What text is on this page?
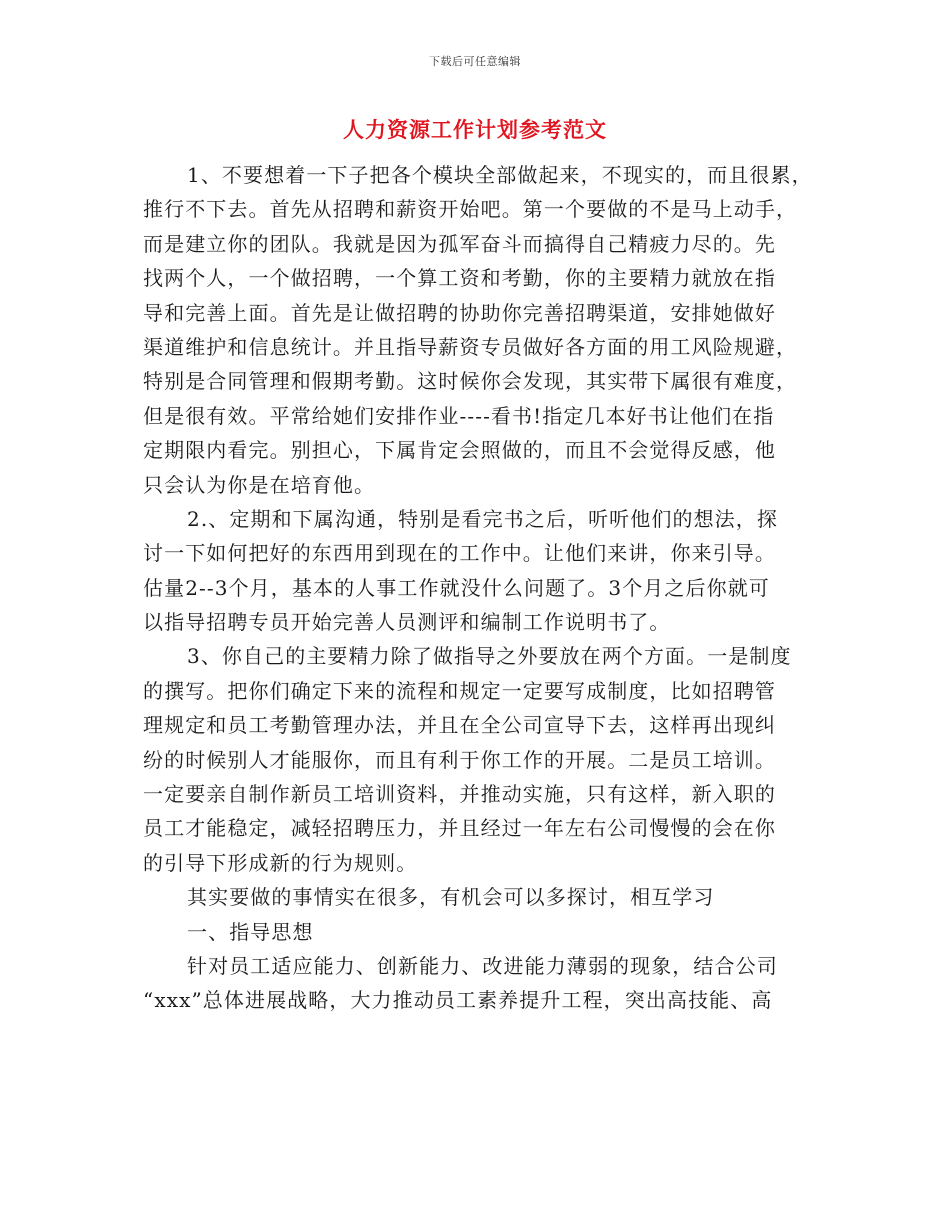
下载后可任意编辑
人力资源工作计划参考范文
1、不要想着一下子把各个模块全部做起来，不现实的，而且很累，
推行不下去。首先从招聘和薪资开始吧。第一个要做的不是马上动手，
而是建立你的团队。我就是因为孤军奋斗而搞得自己精疲力尽的。先
找两个人，一个做招聘，一个算工资和考勤，你的主要精力就放在指
导和完善上面。首先是让做招聘的协助你完善招聘渠道，安排她做好
渠道维护和信息统计。并且指导薪资专员做好各方面的用工风险规避，
特别是合同管理和假期考勤。这时候你会发现，其实带下属很有难度，
但是很有效。平常给她们安排作业----看书!指定几本好书让他们在指
定期限内看完。别担心，下属肯定会照做的，而且不会觉得反感，他
只会认为你是在培育他。
2.、定期和下属沟通，特别是看完书之后，听听他们的想法，探
讨一下如何把好的东西用到现在的工作中。让他们来讲，你来引导。
估量2--3个月，基本的人事工作就没什么问题了。3个月之后你就可
以指导招聘专员开始完善人员测评和编制工作说明书了。
3、你自己的主要精力除了做指导之外要放在两个方面。一是制度
的撰写。把你们确定下来的流程和规定一定要写成制度，比如招聘管
理规定和员工考勤管理办法，并且在全公司宣导下去，这样再出现纠
纷的时候别人才能服你，而且有利于你工作的开展。二是员工培训。
一定要亲自制作新员工培训资料，并推动实施，只有这样，新入职的
员工才能稳定，减轻招聘压力，并且经过一年左右公司慢慢的会在你
的引导下形成新的行为规则。
其实要做的事情实在很多，有机会可以多探讨，相互学习
一、指导思想
针对员工适应能力、创新能力、改进能力薄弱的现象，结合公司
“xxx”总体进展战略，大力推动员工素养提升工程，突出高技能、高
